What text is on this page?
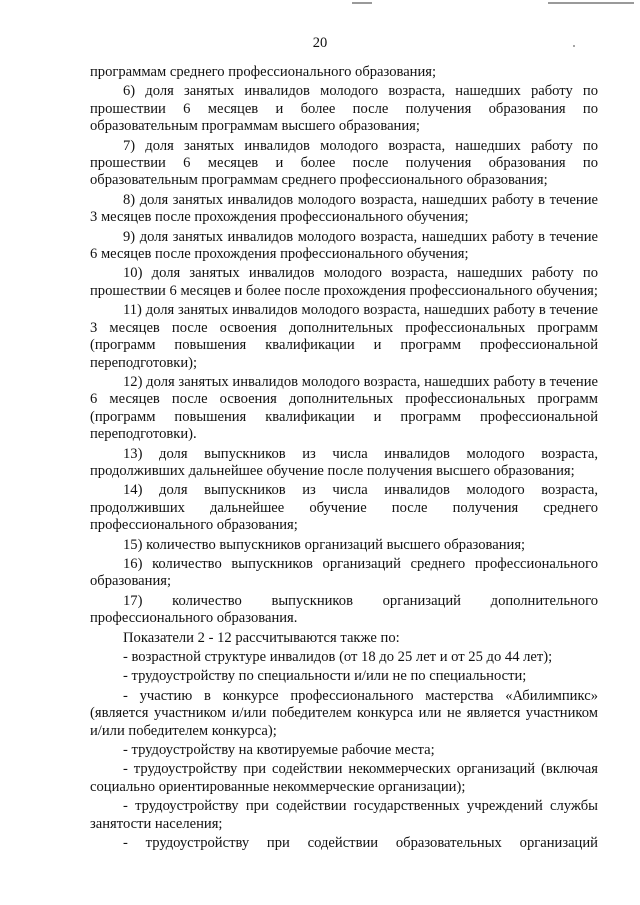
20

программам среднего профессионального образования;

6) доля занятых инвалидов молодого возраста, нашедших работу по прошествии 6 месяцев и более после получения образования по образовательным программам высшего образования;

7) доля занятых инвалидов молодого возраста, нашедших работу по прошествии 6 месяцев и более после получения образования по образовательным программам среднего профессионального образования;

8) доля занятых инвалидов молодого возраста, нашедших работу в течение 3 месяцев после прохождения профессионального обучения;

9) доля занятых инвалидов молодого возраста, нашедших работу в течение 6 месяцев после прохождения профессионального обучения;

10) доля занятых инвалидов молодого возраста, нашедших работу по прошествии 6 месяцев и более после прохождения профессионального обучения;

11) доля занятых инвалидов молодого возраста, нашедших работу в течение 3 месяцев после освоения дополнительных профессиональных программ (программ повышения квалификации и программ профессиональной переподготовки);

12) доля занятых инвалидов молодого возраста, нашедших работу в течение 6 месяцев после освоения дополнительных профессиональных программ (программ повышения квалификации и программ профессиональной переподготовки).

13) доля выпускников из числа инвалидов молодого возраста, продолживших дальнейшее обучение после получения высшего образования;

14) доля выпускников из числа инвалидов молодого возраста, продолживших дальнейшее обучение после получения среднего профессионального образования;

15) количество выпускников организаций высшего образования;

16) количество выпускников организаций среднего профессионального образования;

17) количество выпускников организаций дополнительного профессионального образования.

Показатели 2 - 12 рассчитываются также по:

- возрастной структуре инвалидов (от 18 до 25 лет и от 25 до 44 лет);

- трудоустройству по специальности и/или не по специальности;

- участию в конкурсе профессионального мастерства «Абилимпикс» (является участником и/или победителем конкурса или не является участником и/или победителем конкурса);

- трудоустройству на квотируемые рабочие места;

- трудоустройству при содействии некоммерческих организаций (включая социально ориентированные некоммерческие организации);

- трудоустройству при содействии государственных учреждений службы занятости населения;

- трудоустройству при содействии образовательных организаций
